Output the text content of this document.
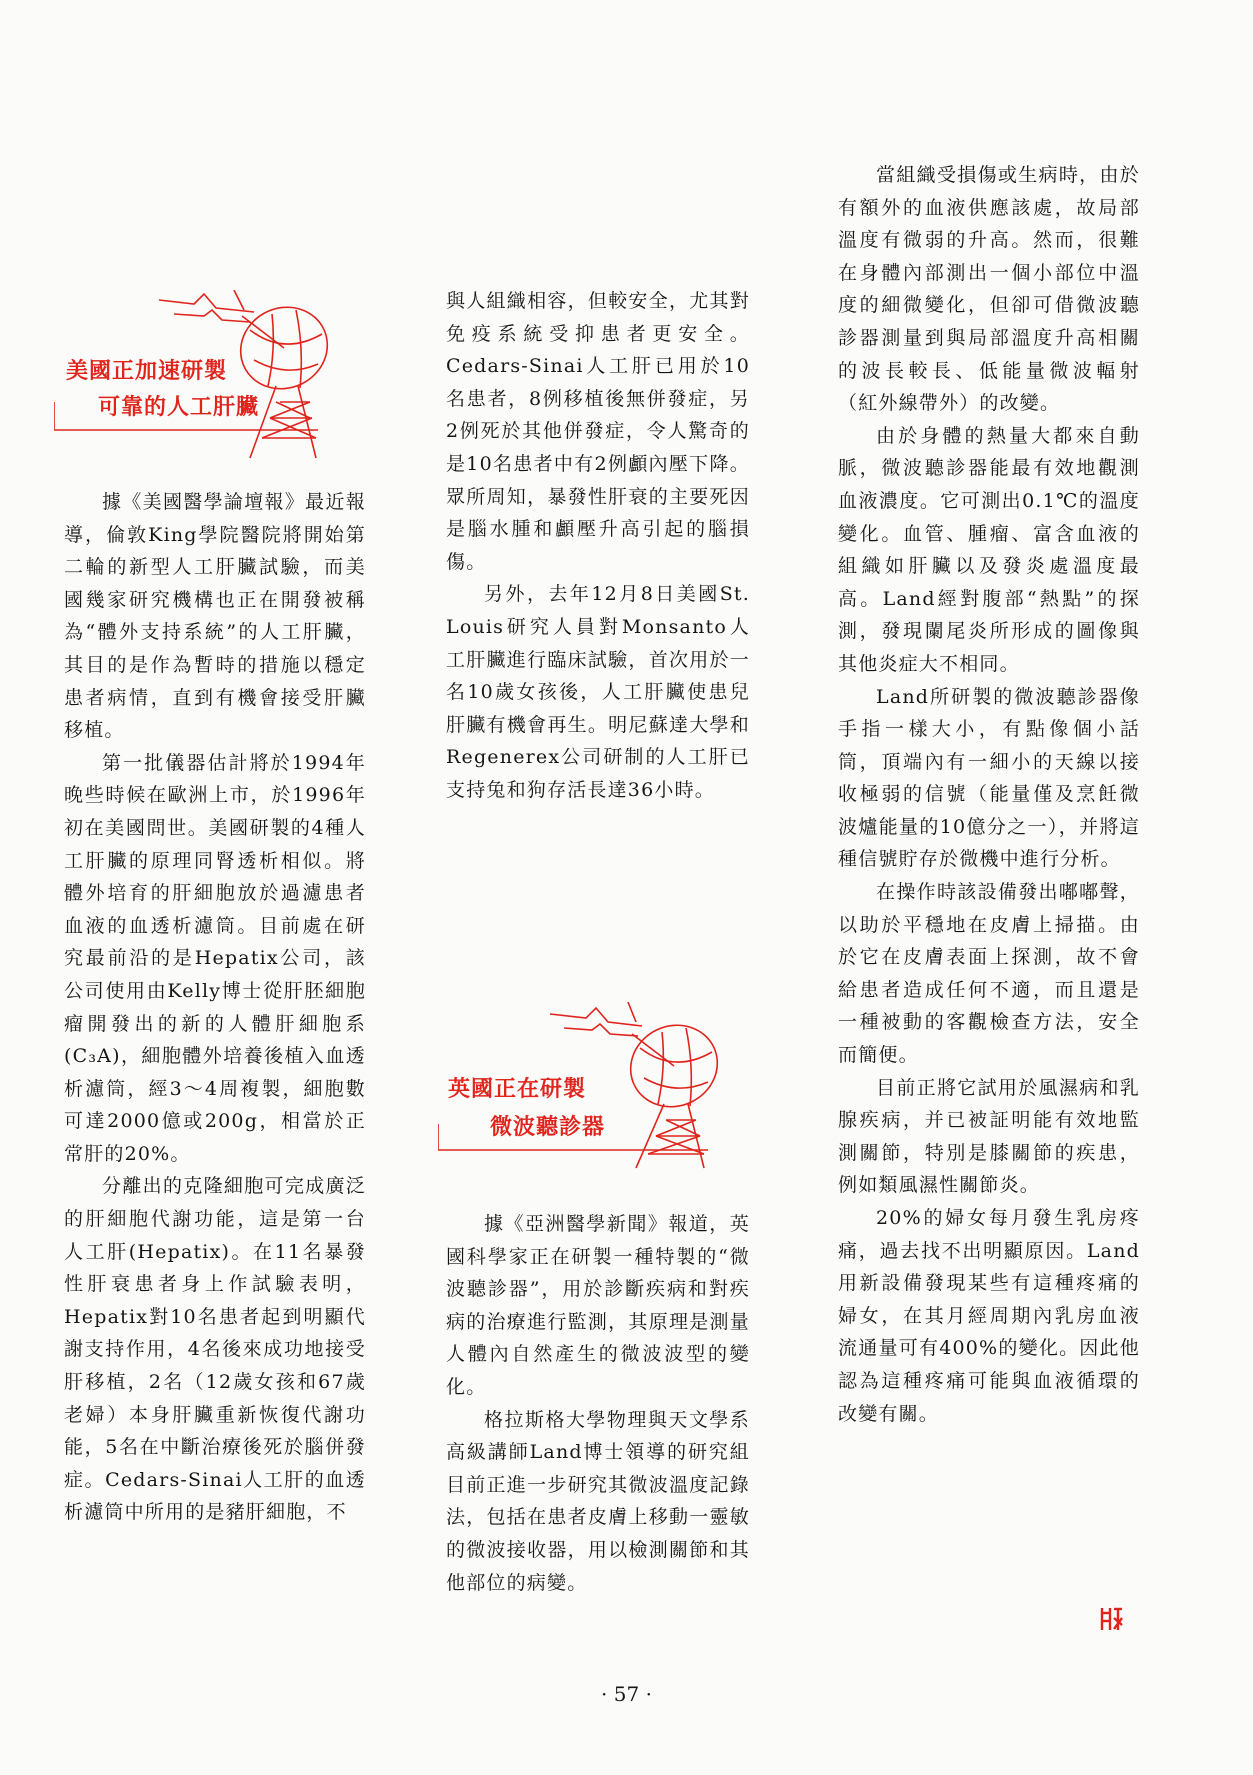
美國正加速研製
可靠的人工肝臟

據《美國醫學論壇報》最近報導，倫敦King學院醫院將開始第二輪的新型人工肝臟試驗，而美國幾家研究機構也正在開發被稱為“體外支持系統”的人工肝臟，其目的是作為暫時的措施以穩定患者病情，直到有機會接受肝臟移植。

第一批儀器估計將於1994年晚些時候在歐洲上市，於1996年初在美國問世。美國研製的4種人工肝臟的原理同腎透析相似。將體外培育的肝細胞放於過濾患者血液的血透析濾筒。目前處在研究最前沿的是Hepatix公司，該公司使用由Kelly博士從肝胚細胞瘤開發出的新的人體肝細胞系(C₃A)，細胞體外培養後植入血透析濾筒，經3～4周複製，細胞數可達2000億或200g，相當於正常肝的20%。

分離出的克隆細胞可完成廣泛的肝細胞代謝功能，這是第一台人工肝(Hepatix)。在11名暴發性肝衰患者身上作試驗表明，Hepatix對10名患者起到明顯代謝支持作用，4名後來成功地接受肝移植，2名（12歲女孩和67歲老婦）本身肝臟重新恢復代謝功能，5名在中斷治療後死於腦併發症。Cedars-Sinai人工肝的血透析濾筒中所用的是豬肝細胞，不

與人組織相容，但較安全，尤其對免疫系統受抑患者更安全。Cedars-Sinai人工肝已用於10名患者，8例移植後無併發症，另2例死於其他併發症，令人驚奇的是10名患者中有2例顱內壓下降。眾所周知，暴發性肝衰的主要死因是腦水腫和顱壓升高引起的腦損傷。

另外，去年12月8日美國St. Louis研究人員對Monsanto人工肝臟進行臨床試驗，首次用於一名10歲女孩後，人工肝臟使患兒肝臟有機會再生。明尼蘇達大學和Regenerex公司研制的人工肝已支持兔和狗存活長達36小時。

英國正在研製
微波聽診器

據《亞洲醫學新聞》報道，英國科學家正在研製一種特製的“微波聽診器”，用於診斷疾病和對疾病的治療進行監測，其原理是測量人體內自然產生的微波波型的變化。

格拉斯格大學物理與天文學系高級講師Land博士領導的研究組目前正進一步研究其微波溫度記錄法，包括在患者皮膚上移動一靈敏的微波接收器，用以檢測關節和其他部位的病變。

當組織受損傷或生病時，由於有額外的血液供應該處，故局部溫度有微弱的升高。然而，很難在身體內部測出一個小部位中溫度的細微變化，但卻可借微波聽診器測量到與局部溫度升高相關的波長較長、低能量微波輻射（紅外線帶外）的改變。

由於身體的熱量大都來自動脈，微波聽診器能最有效地觀測血液濃度。它可測出0.1℃的溫度變化。血管、腫瘤、富含血液的組織如肝臟以及發炎處溫度最高。Land經對腹部“熱點”的探測，發現闌尾炎所形成的圖像與其他炎症大不相同。

Land所研製的微波聽診器像手指一樣大小，有點像個小話筒，頂端內有一細小的天線以接收極弱的信號（能量僅及烹飪微波爐能量的10億分之一），并將這種信號貯存於微機中進行分析。

在操作時該設備發出嘟嘟聲，以助於平穩地在皮膚上掃描。由於它在皮膚表面上探測，故不會給患者造成任何不適，而且還是一種被動的客觀檢查方法，安全而簡便。

目前正將它試用於風濕病和乳腺疾病，并已被証明能有效地監測關節，特別是膝關節的疾患，例如類風濕性關節炎。

20%的婦女每月發生乳房疼痛，過去找不出明顯原因。Land用新設備發現某些有這種疼痛的婦女，在其月經周期內乳房血液流通量可有400%的變化。因此他認為這種疼痛可能與血液循環的改變有關。

· 57 ·
